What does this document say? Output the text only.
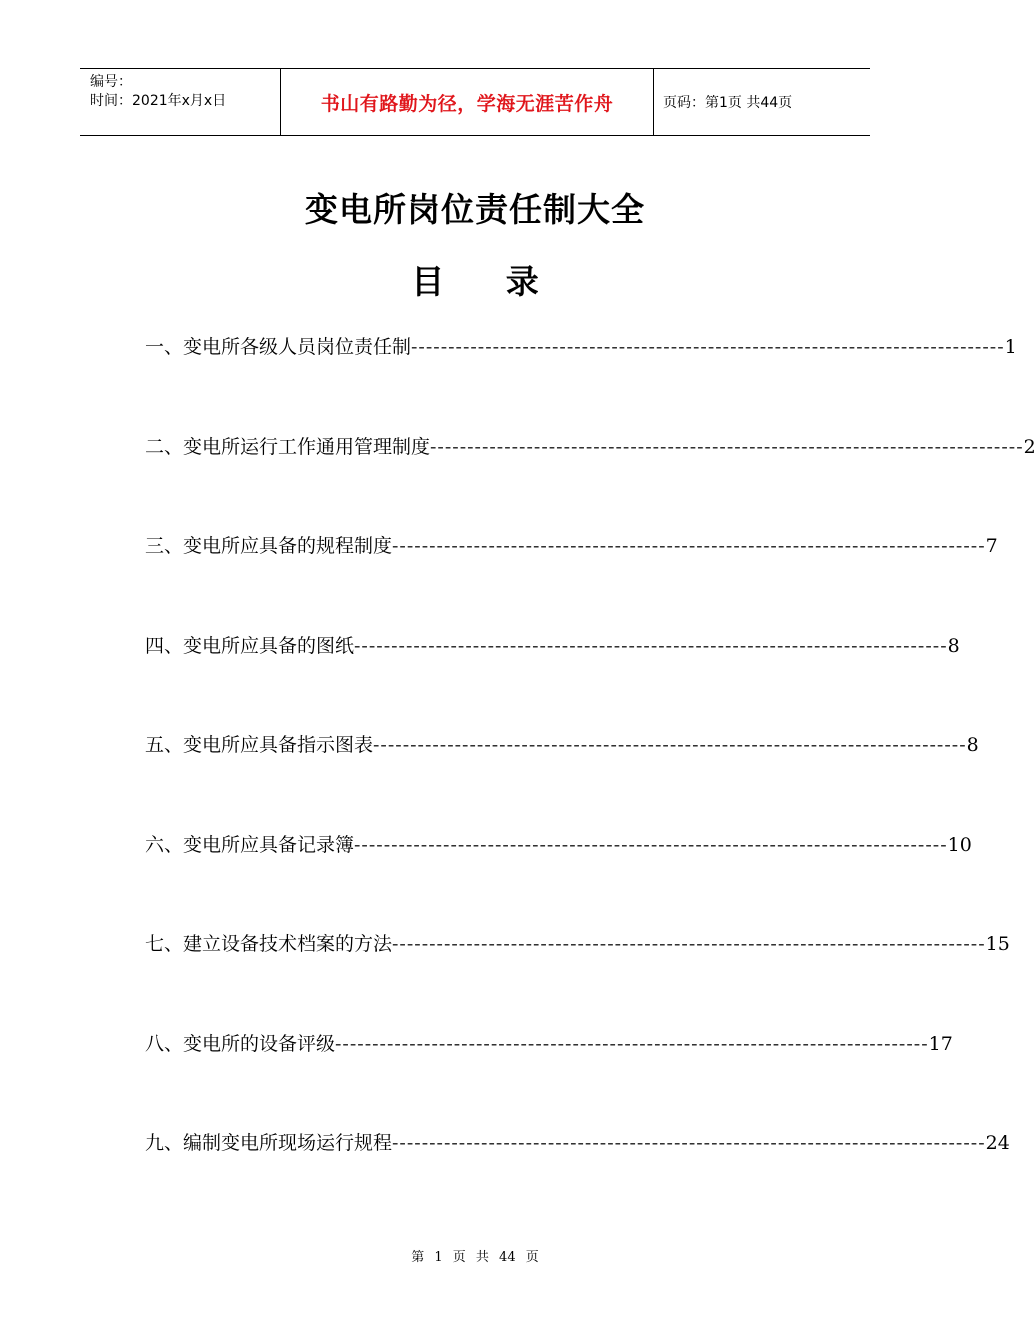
编号：
时间：2021年x月x日	书山有路勤为径，学海无涯苦作舟	页码：第1页 共44页
变电所岗位责任制大全
目 录
一、变电所各级人员岗位责任制 -------------------------------------------------------------------------------- 1
二、变电所运行工作通用管理制度 -------------------------------------------------------------------------------- 2
三、变电所应具备的规程制度 -------------------------------------------------------------------------------- 7
四、变电所应具备的图纸 -------------------------------------------------------------------------------- 8
五、变电所应具备指示图表 -------------------------------------------------------------------------------- 8
六、变电所应具备记录簿 -------------------------------------------------------------------------------- 10
七、建立设备技术档案的方法 -------------------------------------------------------------------------------- 15
八、变电所的设备评级 -------------------------------------------------------------------------------- 17
九、编制变电所现场运行规程 -------------------------------------------------------------------------------- 24
第 1 页 共 44 页
